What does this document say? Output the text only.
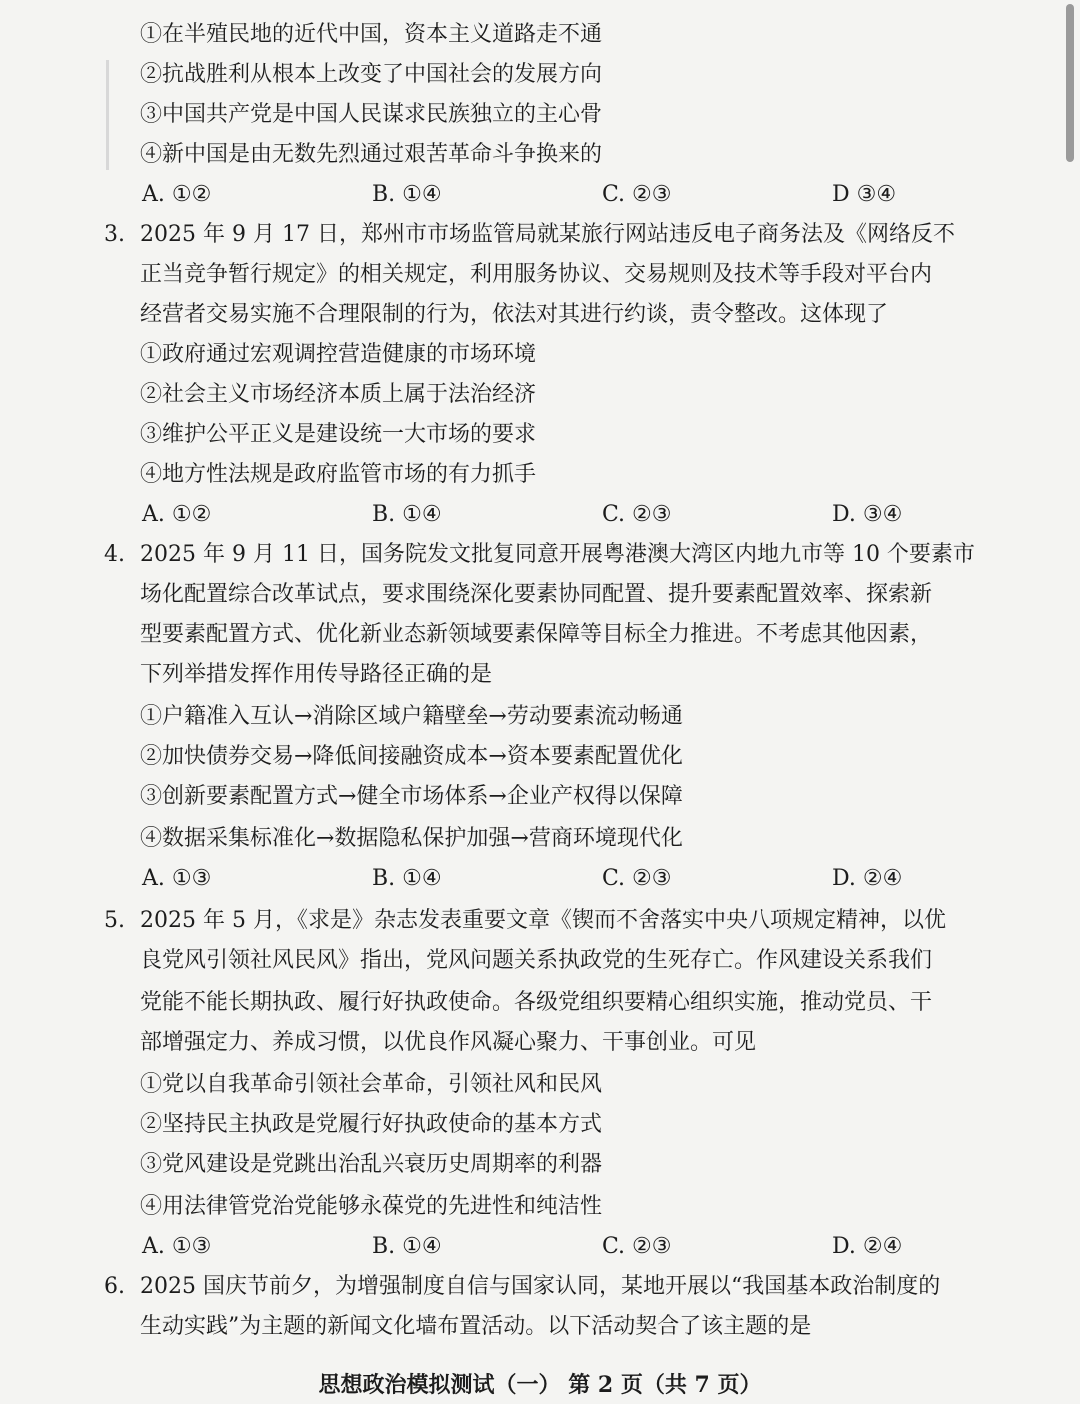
①在半殖民地的近代中国，资本主义道路走不通
②抗战胜利从根本上改变了中国社会的发展方向
③中国共产党是中国人民谋求民族独立的主心骨
④新中国是由无数先烈通过艰苦革命斗争换来的
A. ①②	B. ①④	C. ②③	D ③④
3. 2025 年 9 月 17 日，郑州市市场监管局就某旅行网站违反电子商务法及《网络反不
正当竞争暂行规定》的相关规定，利用服务协议、交易规则及技术等手段对平台内
经营者交易实施不合理限制的行为，依法对其进行约谈，责令整改。这体现了
①政府通过宏观调控营造健康的市场环境
②社会主义市场经济本质上属于法治经济
③维护公平正义是建设统一大市场的要求
④地方性法规是政府监管市场的有力抓手
A. ①②	B. ①④	C. ②③	D. ③④
4. 2025 年 9 月 11 日，国务院发文批复同意开展粤港澳大湾区内地九市等 10 个要素市
场化配置综合改革试点，要求围绕深化要素协同配置、提升要素配置效率、探索新
型要素配置方式、优化新业态新领域要素保障等目标全力推进。不考虑其他因素，
下列举措发挥作用传导路径正确的是
①户籍准入互认→消除区域户籍壁垒→劳动要素流动畅通
②加快债券交易→降低间接融资成本→资本要素配置优化
③创新要素配置方式→健全市场体系→企业产权得以保障
④数据采集标准化→数据隐私保护加强→营商环境现代化
A. ①③	B. ①④	C. ②③	D. ②④
5. 2025 年 5 月，《求是》杂志发表重要文章《锲而不舍落实中央八项规定精神，以优
良党风引领社风民风》指出，党风问题关系执政党的生死存亡。作风建设关系我们
党能不能长期执政、履行好执政使命。各级党组织要精心组织实施，推动党员、干
部增强定力、养成习惯，以优良作风凝心聚力、干事创业。可见
①党以自我革命引领社会革命，引领社风和民风
②坚持民主执政是党履行好执政使命的基本方式
③党风建设是党跳出治乱兴衰历史周期率的利器
④用法律管党治党能够永葆党的先进性和纯洁性
A. ①③	B. ①④	C. ②③	D. ②④
6. 2025 国庆节前夕，为增强制度自信与国家认同，某地开展以“我国基本政治制度的
生动实践”为主题的新闻文化墙布置活动。以下活动契合了该主题的是
思想政治模拟测试（一） 第 2 页（共 7 页）
